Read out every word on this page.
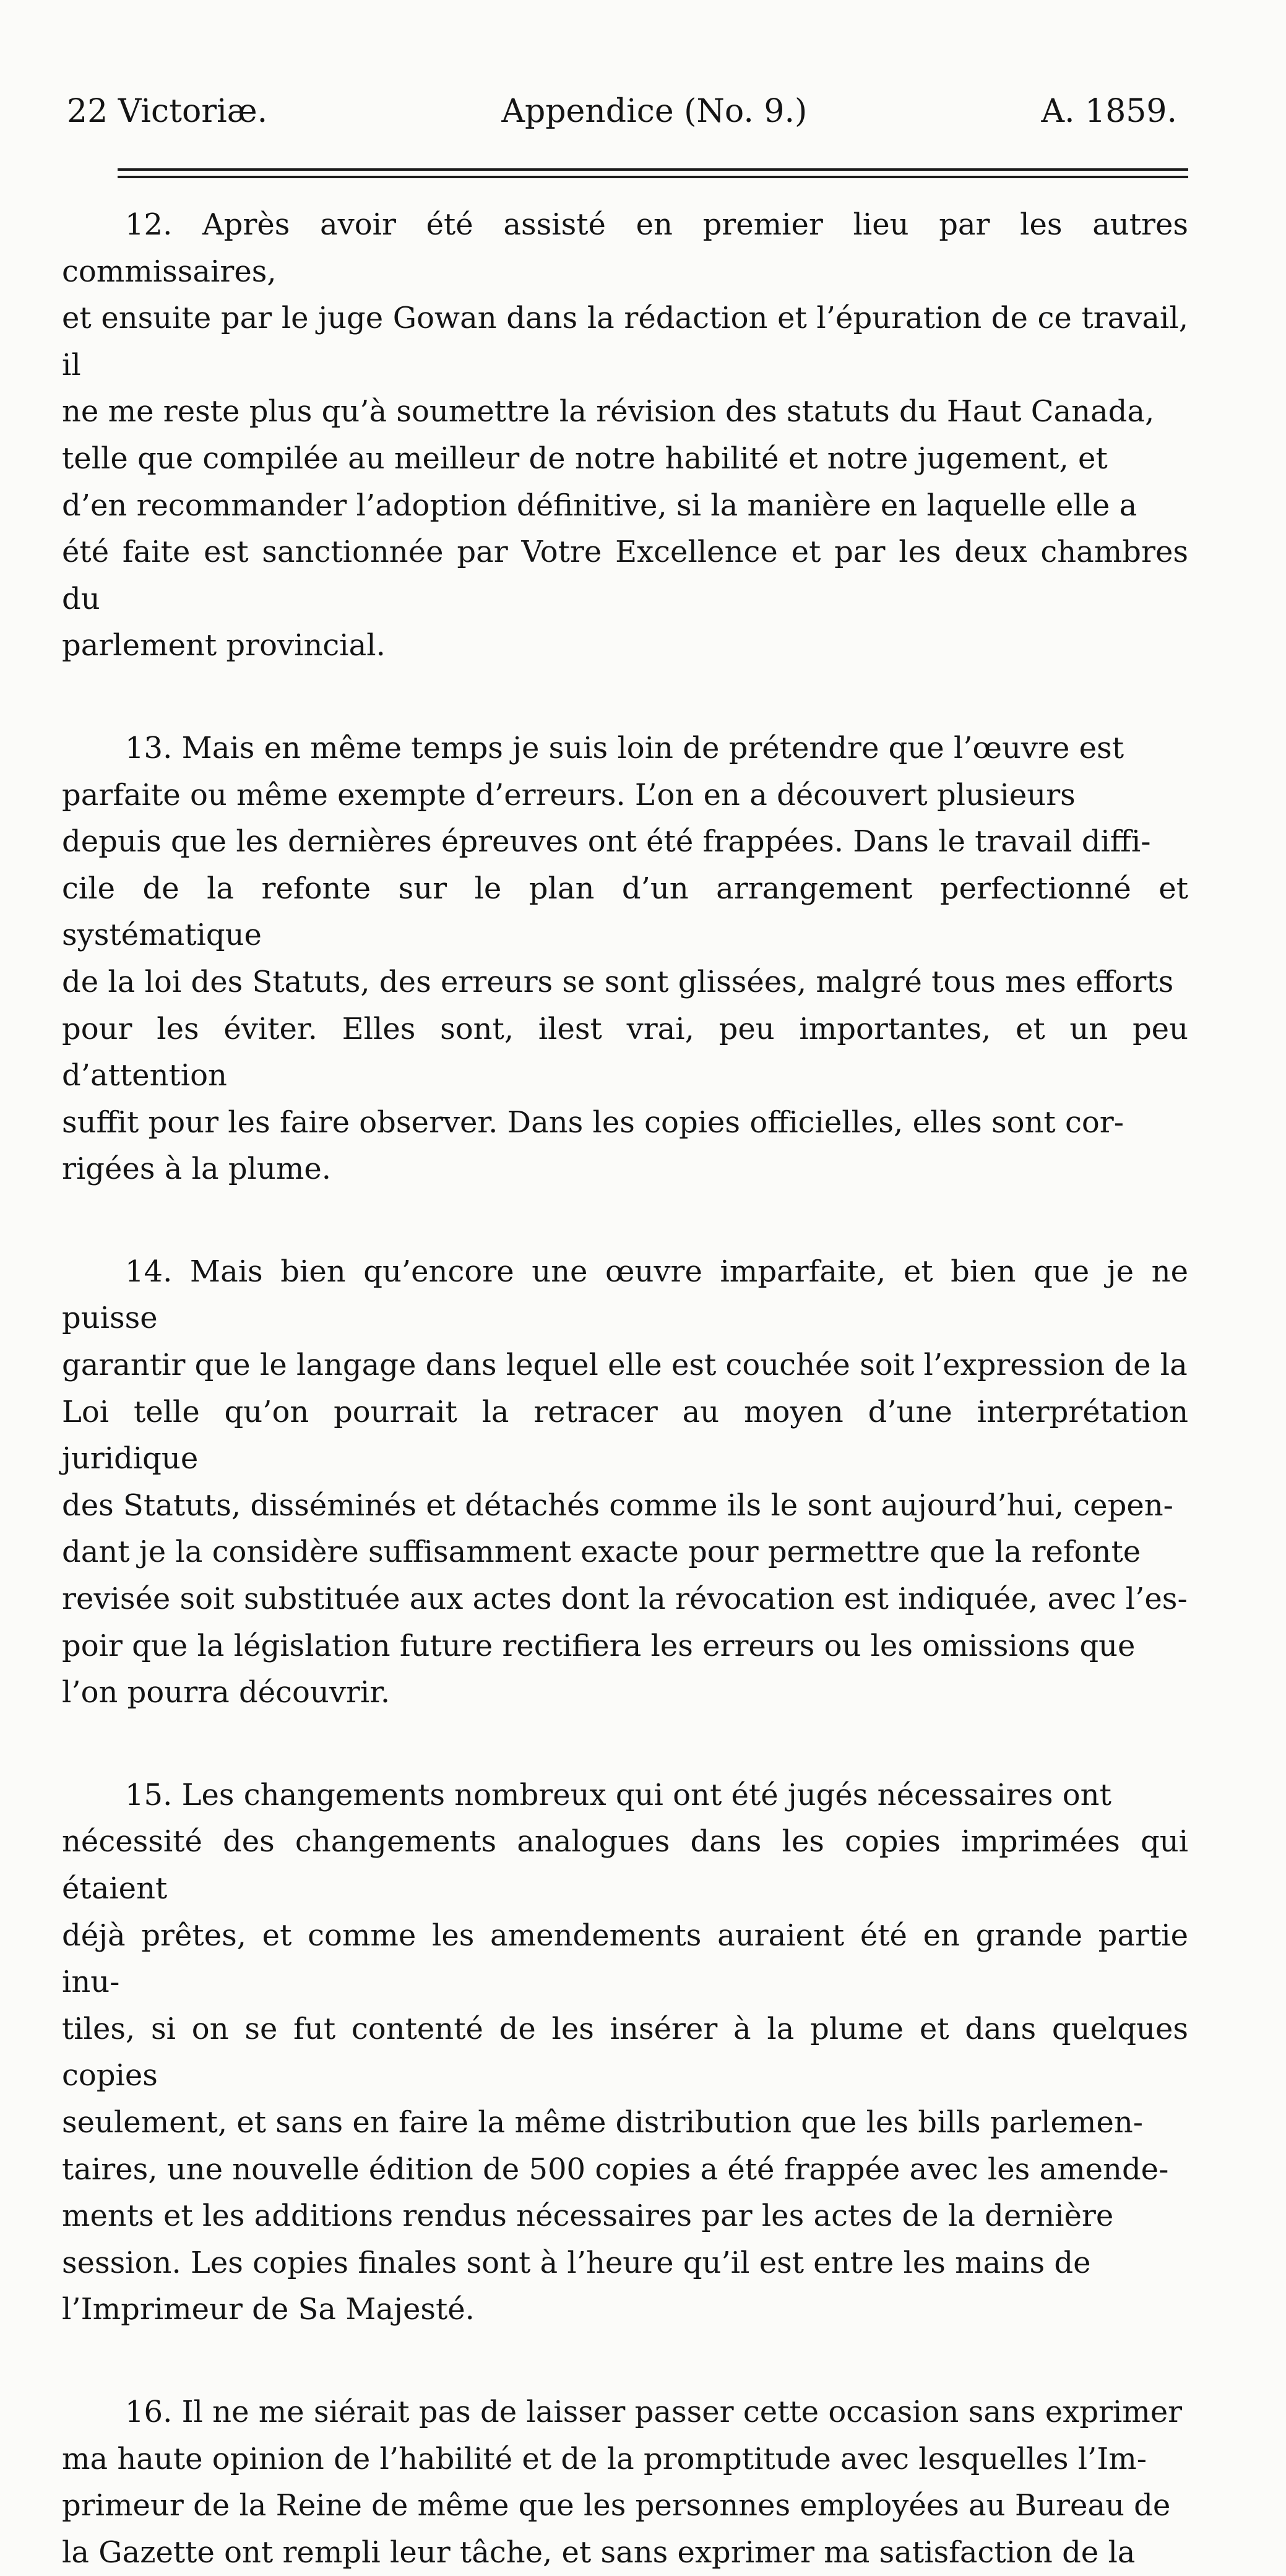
22 Victoriæ.	Appendice (No. 9.)	A. 1859.

12. Après avoir été assisté en premier lieu par les autres commissaires,
et ensuite par le juge Gowan dans la rédaction et l’épuration de ce travail, il
ne me reste plus qu’à soumettre la révision des statuts du Haut Canada,
telle que compilée au meilleur de notre habilité et notre jugement, et
d’en recommander l’adoption définitive, si la manière en laquelle elle a
été faite est sanctionnée par Votre Excellence et par les deux chambres du
parlement provincial.

13. Mais en même temps je suis loin de prétendre que l’œuvre est
parfaite ou même exempte d’erreurs. L’on en a découvert plusieurs
depuis que les dernières épreuves ont été frappées. Dans le travail diffi-
cile de la refonte sur le plan d’un arrangement perfectionné et systématique
de la loi des Statuts, des erreurs se sont glissées, malgré tous mes efforts
pour les éviter. Elles sont, ilest vrai, peu importantes, et un peu d’attention
suffit pour les faire observer. Dans les copies officielles, elles sont cor-
rigées à la plume.

14. Mais bien qu’encore une œuvre imparfaite, et bien que je ne puisse
garantir que le langage dans lequel elle est couchée soit l’expression de la
Loi telle qu’on pourrait la retracer au moyen d’une interprétation juridique
des Statuts, disséminés et détachés comme ils le sont aujourd’hui, cepen-
dant je la considère suffisamment exacte pour permettre que la refonte
revisée soit substituée aux actes dont la révocation est indiquée, avec l’es-
poir que la législation future rectifiera les erreurs ou les omissions que
l’on pourra découvrir.

15. Les changements nombreux qui ont été jugés nécessaires ont
nécessité des changements analogues dans les copies imprimées qui étaient
déjà prêtes, et comme les amendements auraient été en grande partie inu-
tiles, si on se fut contenté de les insérer à la plume et dans quelques copies
seulement, et sans en faire la même distribution que les bills parlemen-
taires, une nouvelle édition de 500 copies a été frappée avec les amende-
ments et les additions rendus nécessaires par les actes de la dernière
session. Les copies finales sont à l’heure qu’il est entre les mains de
l’Imprimeur de Sa Majesté.

16. Il ne me siérait pas de laisser passer cette occasion sans exprimer
ma haute opinion de l’habilité et de la promptitude avec lesquelles l’Im-
primeur de la Reine de même que les personnes employées au Bureau de
la Gazette ont rempli leur tâche, et sans exprimer ma satisfaction de la
